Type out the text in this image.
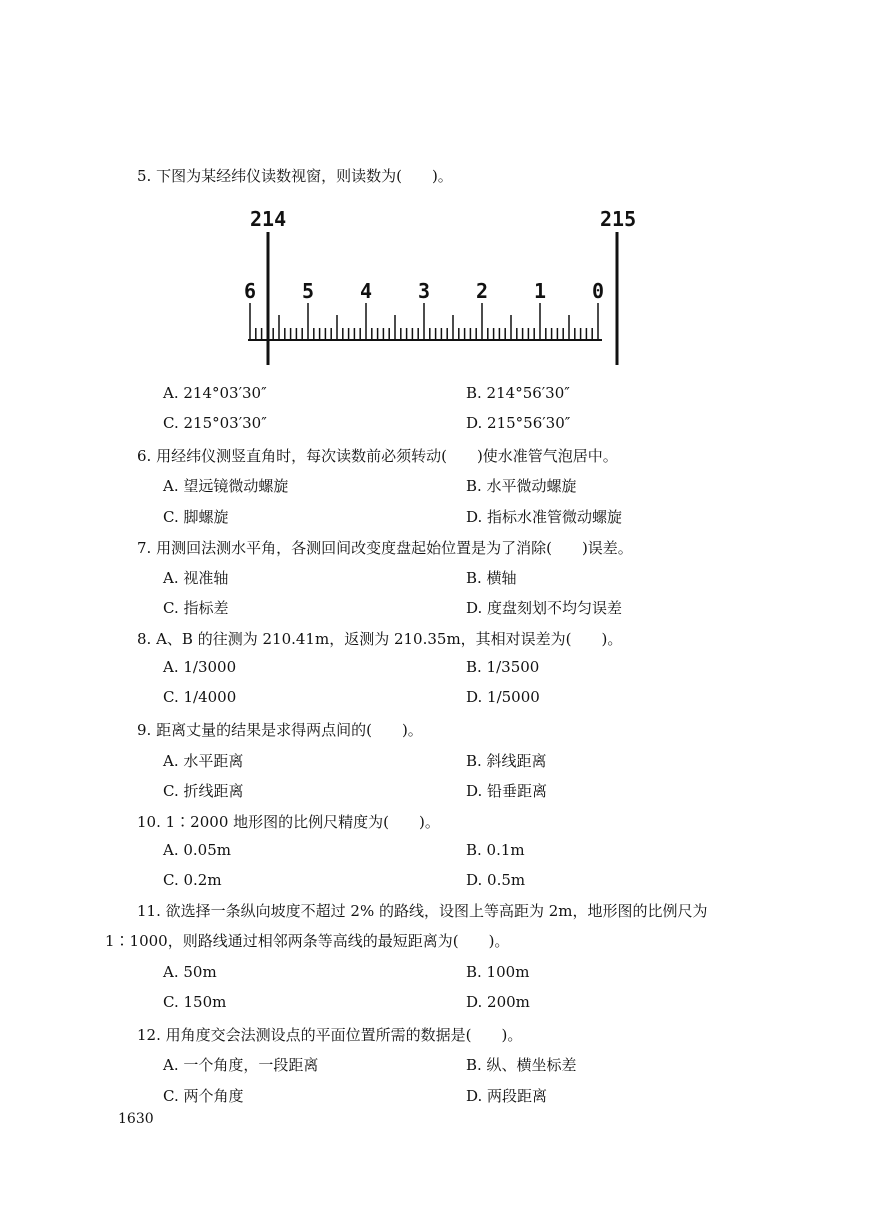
5. 下图为某经纬仪读数视窗，则读数为(　　)。
214	215
6 5 4 3 2 1 0
A. 214°03′30″	B. 214°56′30″
C. 215°03′30″	D. 215°56′30″
6. 用经纬仪测竖直角时，每次读数前必须转动(　　)使水准管气泡居中。
A. 望远镜微动螺旋	B. 水平微动螺旋
C. 脚螺旋	D. 指标水准管微动螺旋
7. 用测回法测水平角，各测回间改变度盘起始位置是为了消除(　　)误差。
A. 视准轴	B. 横轴
C. 指标差	D. 度盘刻划不均匀误差
8. A、B 的往测为 210.41m，返测为 210.35m，其相对误差为(　　)。
A. 1/3000	B. 1/3500
C. 1/4000	D. 1/5000
9. 距离丈量的结果是求得两点间的(　　)。
A. 水平距离	B. 斜线距离
C. 折线距离	D. 铅垂距离
10. 1∶2000 地形图的比例尺精度为(　　)。
A. 0.05m	B. 0.1m
C. 0.2m	D. 0.5m
11. 欲选择一条纵向坡度不超过 2% 的路线，设图上等高距为 2m，地形图的比例尺为
1∶1000，则路线通过相邻两条等高线的最短距离为(　　)。
A. 50m	B. 100m
C. 150m	D. 200m
12. 用角度交会法测设点的平面位置所需的数据是(　　)。
A. 一个角度，一段距离	B. 纵、横坐标差
C. 两个角度	D. 两段距离
1630
